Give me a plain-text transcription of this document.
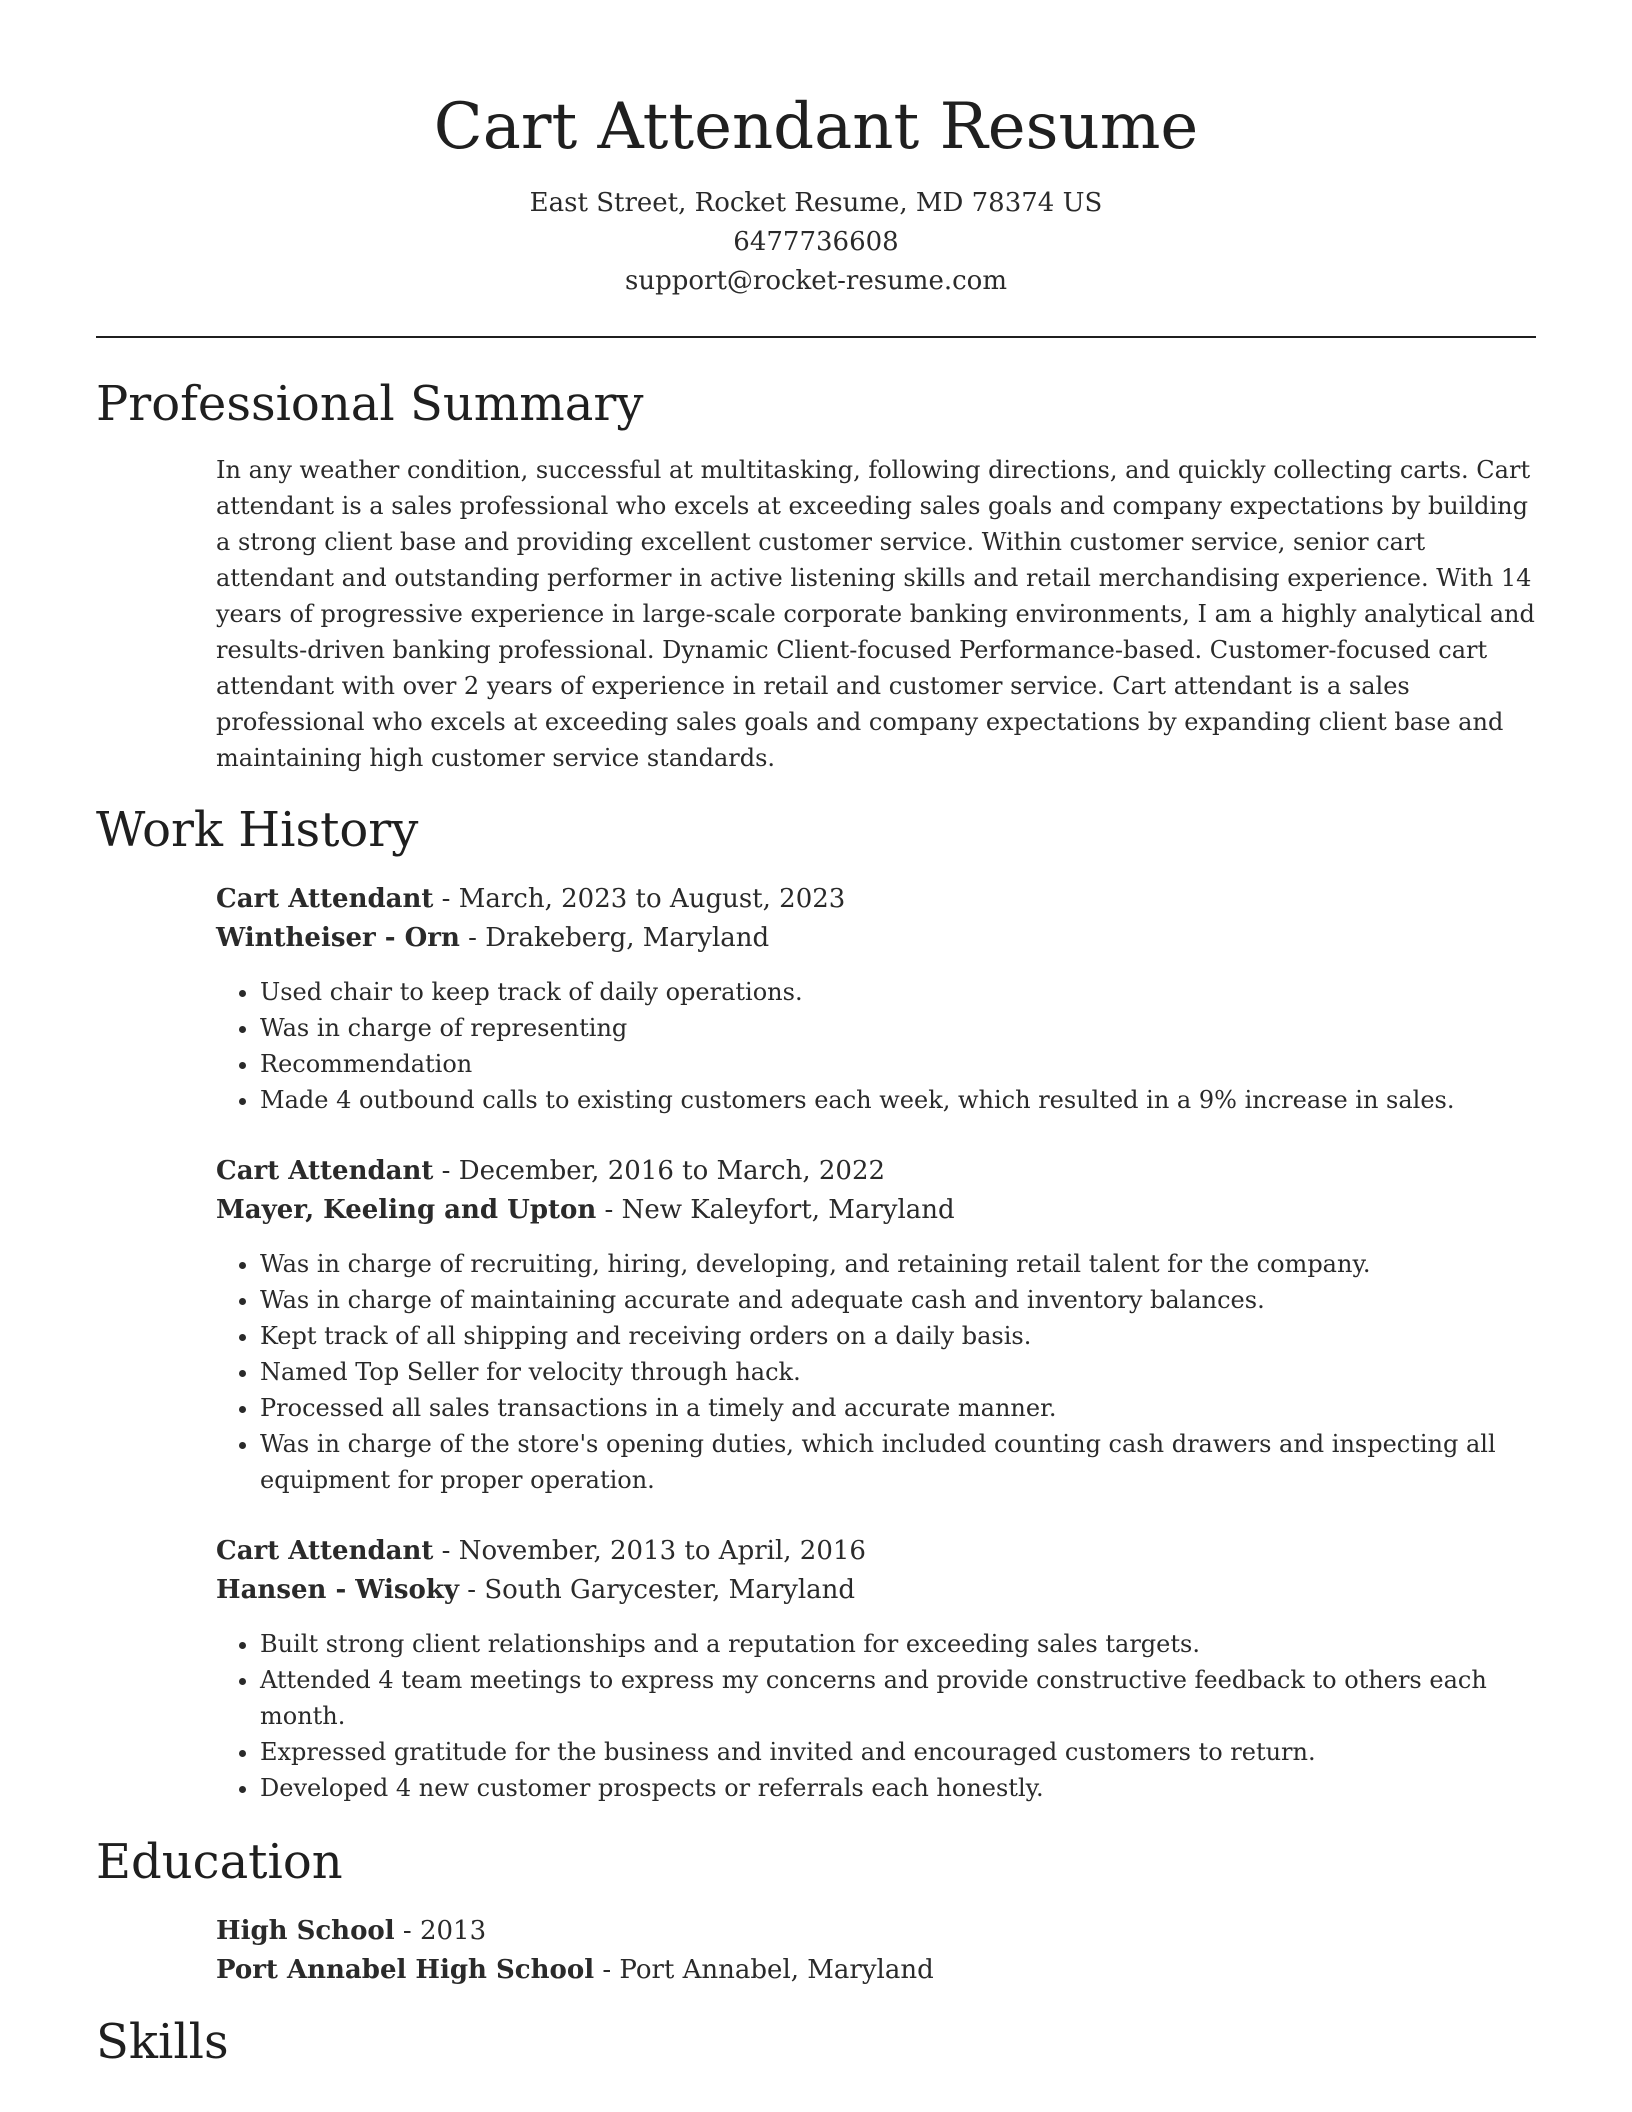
Cart Attendant Resume
East Street, Rocket Resume, MD 78374 US
6477736608
support@rocket-resume.com
Professional Summary

In any weather condition, successful at multitasking, following directions, and quickly collecting carts. Cart attendant is a sales professional who excels at exceeding sales goals and company expectations by building a strong client base and providing excellent customer service. Within customer service, senior cart attendant and outstanding performer in active listening skills and retail merchandising experience. With 14 years of progressive experience in large-scale corporate banking environments, I am a highly analytical and results-driven banking professional. Dynamic Client-focused Performance-based. Customer-focused cart attendant with over 2 years of experience in retail and customer service. Cart attendant is a sales professional who excels at exceeding sales goals and company expectations by expanding client base and maintaining high customer service standards.

Work History
Cart Attendant - March, 2023 to August, 2023
Wintheiser - Orn - Drakeberg, Maryland
• Used chair to keep track of daily operations.
• Was in charge of representing
• Recommendation
• Made 4 outbound calls to existing customers each week, which resulted in a 9% increase in sales.
Cart Attendant - December, 2016 to March, 2022
Mayer, Keeling and Upton - New Kaleyfort, Maryland
• Was in charge of recruiting, hiring, developing, and retaining retail talent for the company.
• Was in charge of maintaining accurate and adequate cash and inventory balances.
• Kept track of all shipping and receiving orders on a daily basis.
• Named Top Seller for velocity through hack.
• Processed all sales transactions in a timely and accurate manner.
• Was in charge of the store's opening duties, which included counting cash drawers and inspecting all equipment for proper operation.
Cart Attendant - November, 2013 to April, 2016
Hansen - Wisoky - South Garycester, Maryland
• Built strong client relationships and a reputation for exceeding sales targets.
• Attended 4 team meetings to express my concerns and provide constructive feedback to others each month.
• Expressed gratitude for the business and invited and encouraged customers to return.
• Developed 4 new customer prospects or referrals each honestly.
Education
High School - 2013
Port Annabel High School - Port Annabel, Maryland
Skills
